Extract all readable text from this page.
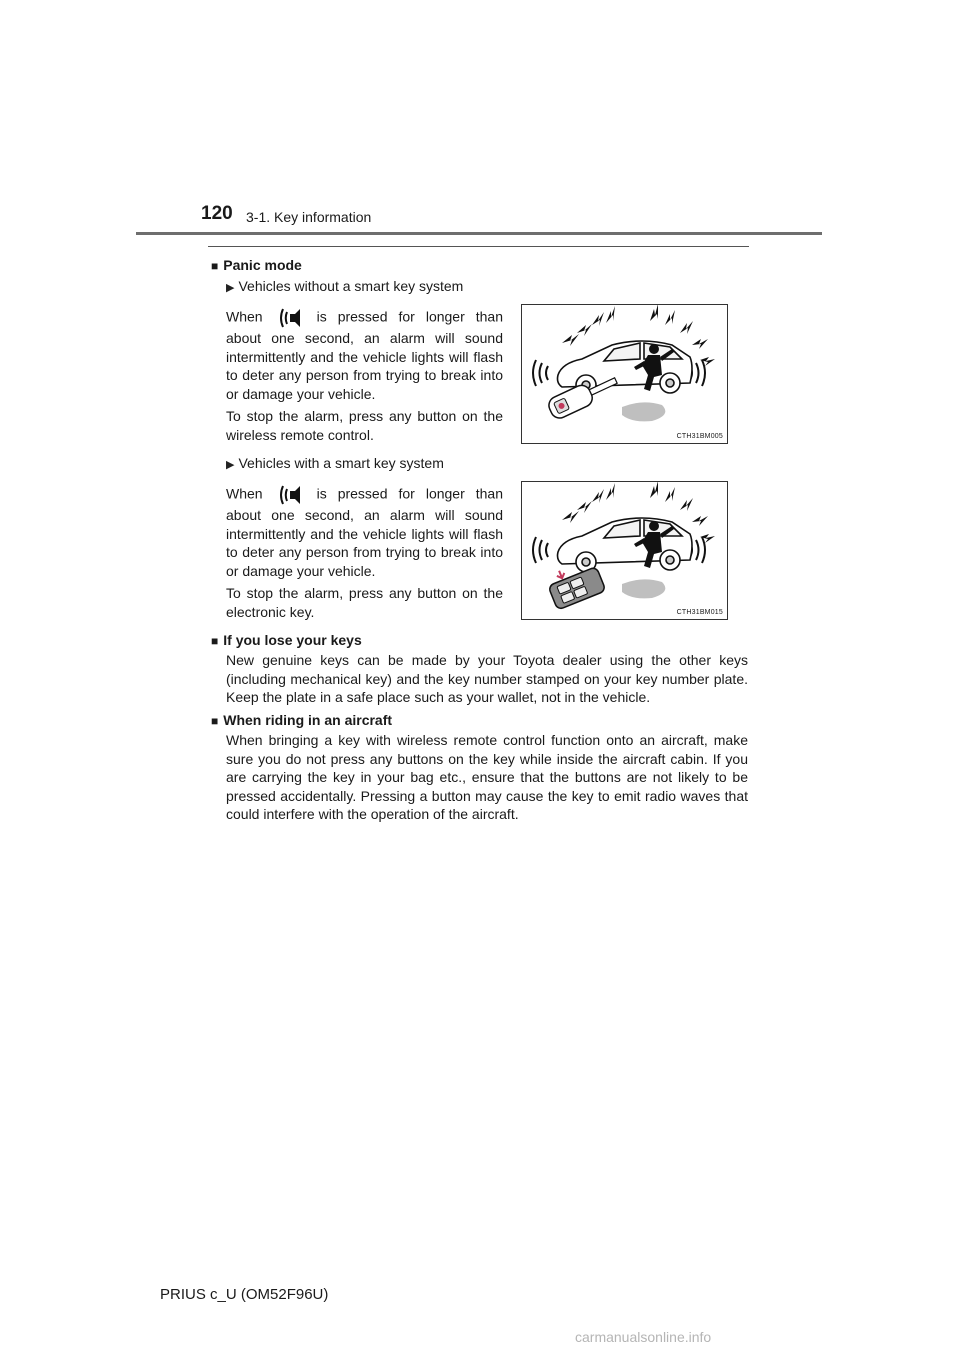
120 3-1. Key information
■ Panic mode
▶ Vehicles without a smart key system
When	is pressed for longer than about one second, an alarm will sound intermittently and the vehicle lights will flash to deter any person from trying to break into or damage your vehicle.
To stop the alarm, press any button on the wireless remote control.	CTH31BM005
▶ Vehicles with a smart key system
When	is pressed for longer than about one second, an alarm will sound intermittently and the vehicle lights will flash to deter any person from trying to break into or damage your vehicle.
To stop the alarm, press any button on the electronic key.	CTH31BM015
■ If you lose your keys
New genuine keys can be made by your Toyota dealer using the other keys (including mechanical key) and the key number stamped on your key number plate. Keep the plate in a safe place such as your wallet, not in the vehicle.
■ When riding in an aircraft
When bringing a key with wireless remote control function onto an aircraft, make sure you do not press any buttons on the key while inside the aircraft cabin. If you are carrying the key in your bag etc., ensure that the buttons are not likely to be pressed accidentally. Pressing a button may cause the key to emit radio waves that could interfere with the operation of the aircraft.
PRIUS c_U (OM52F96U)
carmanualsonline.info
